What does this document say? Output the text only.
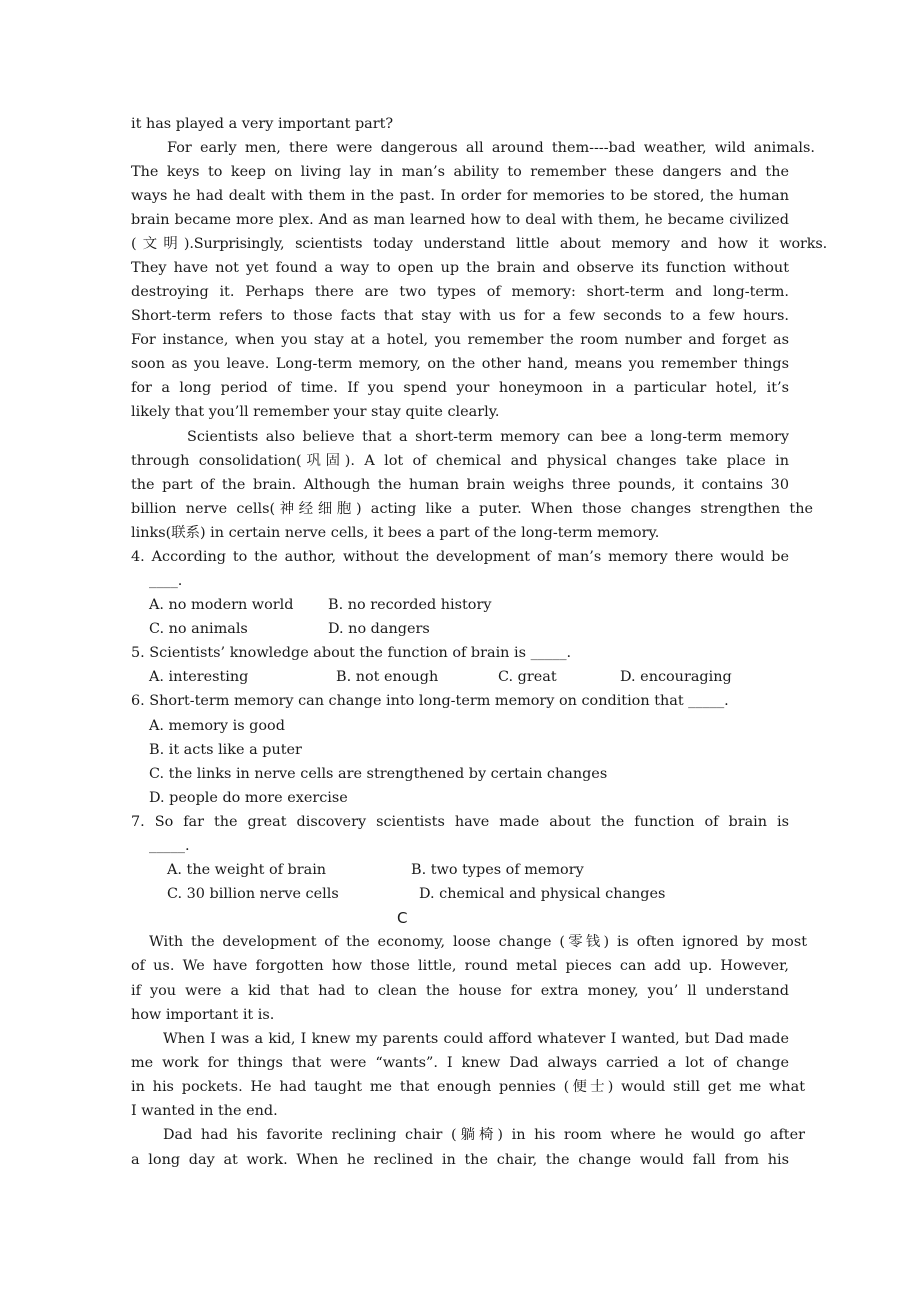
it has played a very important part?
For early men, there were dangerous all around them----bad weather, wild animals.
The keys to keep on living lay in man’s ability to remember these dangers and the
ways he had dealt with them in the past. In order for memories to be stored, the human
brain became more plex. And as man learned how to deal with them, he became civilized
(文明).Surprisingly, scientists today understand little about memory and how it works.
They have not yet found a way to open up the brain and observe its function without
destroying it. Perhaps there are two types of memory: short-term and long-term.
Short-term refers to those facts that stay with us for a few seconds to a few hours.
For instance, when you stay at a hotel, you remember the room number and forget as
soon as you leave. Long-term memory, on the other hand, means you remember things
for a long period of time. If you spend your honeymoon in a particular hotel, it’s
likely that you’ll remember your stay quite clearly.
Scientists also believe that a short-term memory can bee a long-term memory
through consolidation(巩固). A lot of chemical and physical changes take place in
the part of the brain. Although the human brain weighs three pounds, it contains 30
billion nerve cells(神经细胞) acting like a puter. When those changes strengthen the
links(联系) in certain nerve cells, it bees a part of the long-term memory.
4. According to the author, without the development of man’s memory there would be
____.
A. no modern world B. no recorded history
C. no animals	D. no dangers
5. Scientists’ knowledge about the function of brain is _____.
A. interesting	B. not enough	C. great	D. encouraging
6. Short-term memory can change into long-term memory on condition that _____.
A. memory is good
B. it acts like a puter
C. the links in nerve cells are strengthened by certain changes
D. people do more exercise
7. So far the great discovery scientists have made about the function of brain is
_____.
A. the weight of brain	B. two types of memory
C. 30 billion nerve cells	D. chemical and physical changes
C
With the development of the economy, loose change (零钱) is often ignored by most
of us. We have forgotten how those little, round metal pieces can add up. However,
if you were a kid that had to clean the house for extra money, you’ ll understand
how important it is.
When I was a kid, I knew my parents could afford whatever I wanted, but Dad made
me work for things that were “wants”. I knew Dad always carried a lot of change
in his pockets. He had taught me that enough pennies (便士) would still get me what
I wanted in the end.
Dad had his favorite reclining chair (躺椅) in his room where he would go after
a long day at work. When he reclined in the chair, the change would fall from his
